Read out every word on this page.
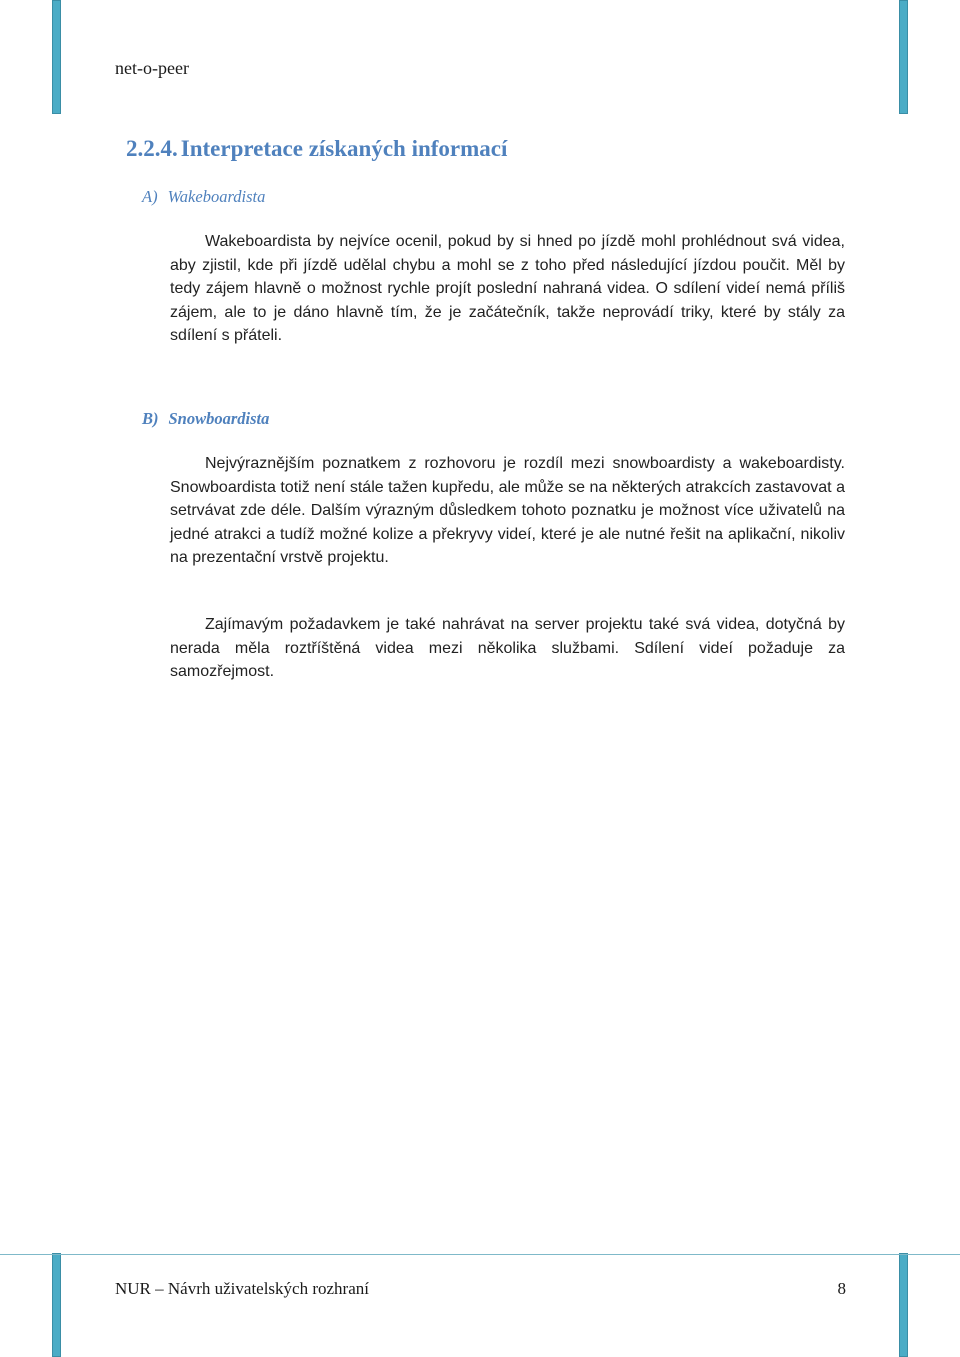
net-o-peer
2.2.4. Interpretace získaných informací
A) Wakeboardista

Wakeboardista by nejvíce ocenil, pokud by si hned po jízdě mohl prohlédnout svá videa, aby zjistil, kde při jízdě udělal chybu a mohl se z toho před následující jízdou poučit. Měl by tedy zájem hlavně o možnost rychle projít poslední nahraná videa. O sdílení videí nemá příliš zájem, ale to je dáno hlavně tím, že je začátečník, takže neprovádí triky, které by stály za sdílení s přáteli.

B) Snowboardista

Nejvýraznějším poznatkem z rozhovoru je rozdíl mezi snowboardisty a wakeboardisty. Snowboardista totiž není stále tažen kupředu, ale může se na některých atrakcích zastavovat a setrvávat zde déle. Dalším výrazným důsledkem tohoto poznatku je možnost více uživatelů na jedné atrakci a tudíž možné kolize a překryvy videí, které je ale nutné řešit na aplikační, nikoliv na prezentační vrstvě projektu.

Zajímavým požadavkem je také nahrávat na server projektu také svá videa, dotyčná by nerada měla roztříštěná videa mezi několika službami. Sdílení videí požaduje za samozřejmost.

NUR – Návrh uživatelských rozhraní	8
